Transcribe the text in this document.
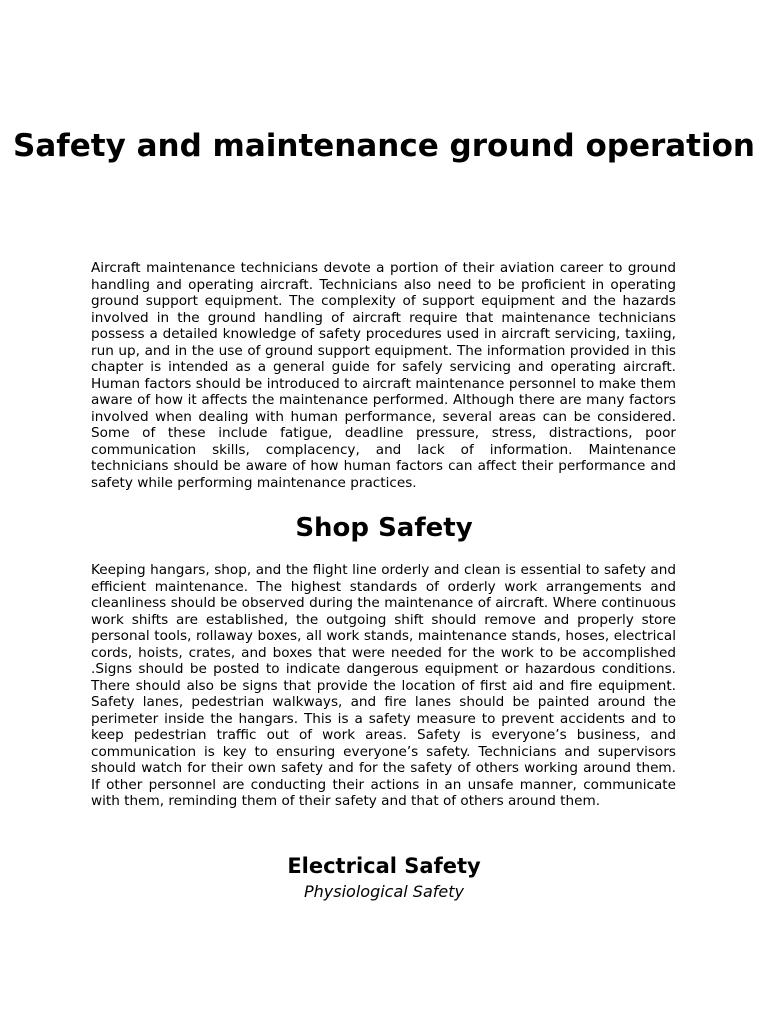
Safety and maintenance ground operation

Aircraft maintenance technicians devote a portion of their aviation career to ground handling and operating aircraft. Technicians also need to be proficient in operating ground support equipment. The complexity of support equipment and the hazards involved in the ground handling of aircraft require that maintenance technicians possess a detailed knowledge of safety procedures used in aircraft servicing, taxiing, run up, and in the use of ground support equipment. The information provided in this chapter is intended as a general guide for safely servicing and operating aircraft. Human factors should be introduced to aircraft maintenance personnel to make them aware of how it affects the maintenance performed. Although there are many factors involved when dealing with human performance, several areas can be considered. Some of these include fatigue, deadline pressure, stress, distractions, poor communication skills, complacency, and lack of information. Maintenance technicians should be aware of how human factors can affect their performance and safety while performing maintenance practices.

Shop Safety

Keeping hangars, shop, and the flight line orderly and clean is essential to safety and efficient maintenance. The highest standards of orderly work arrangements and cleanliness should be observed during the maintenance of aircraft. Where continuous work shifts are established, the outgoing shift should remove and properly store personal tools, rollaway boxes, all work stands, maintenance stands, hoses, electrical cords, hoists, crates, and boxes that were needed for the work to be accomplished .Signs should be posted to indicate dangerous equipment or hazardous conditions. There should also be signs that provide the location of first aid and fire equipment. Safety lanes, pedestrian walkways, and fire lanes should be painted around the perimeter inside the hangars. This is a safety measure to prevent accidents and to keep pedestrian traffic out of work areas. Safety is everyone’s business, and communication is key to ensuring everyone’s safety. Technicians and supervisors should watch for their own safety and for the safety of others working around them. If other personnel are conducting their actions in an unsafe manner, communicate with them, reminding them of their safety and that of others around them.

Electrical Safety

Physiological Safety
